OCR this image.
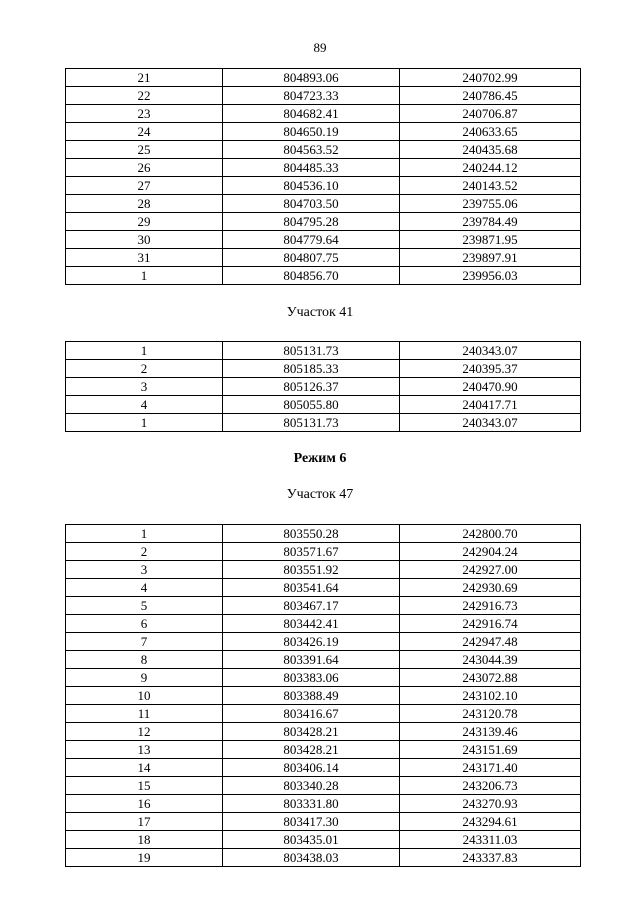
89
21	804893.06	240702.99
22	804723.33	240786.45
23	804682.41	240706.87
24	804650.19	240633.65
25	804563.52	240435.68
26	804485.33	240244.12
27	804536.10	240143.52
28	804703.50	239755.06
29	804795.28	239784.49
30	804779.64	239871.95
31	804807.75	239897.91
1	804856.70	239956.03
Участок 41
1	805131.73	240343.07
2	805185.33	240395.37
3	805126.37	240470.90
4	805055.80	240417.71
1	805131.73	240343.07
Режим 6
Участок 47
1	803550.28	242800.70
2	803571.67	242904.24
3	803551.92	242927.00
4	803541.64	242930.69
5	803467.17	242916.73
6	803442.41	242916.74
7	803426.19	242947.48
8	803391.64	243044.39
9	803383.06	243072.88
10	803388.49	243102.10
11	803416.67	243120.78
12	803428.21	243139.46
13	803428.21	243151.69
14	803406.14	243171.40
15	803340.28	243206.73
16	803331.80	243270.93
17	803417.30	243294.61
18	803435.01	243311.03
19	803438.03	243337.83
